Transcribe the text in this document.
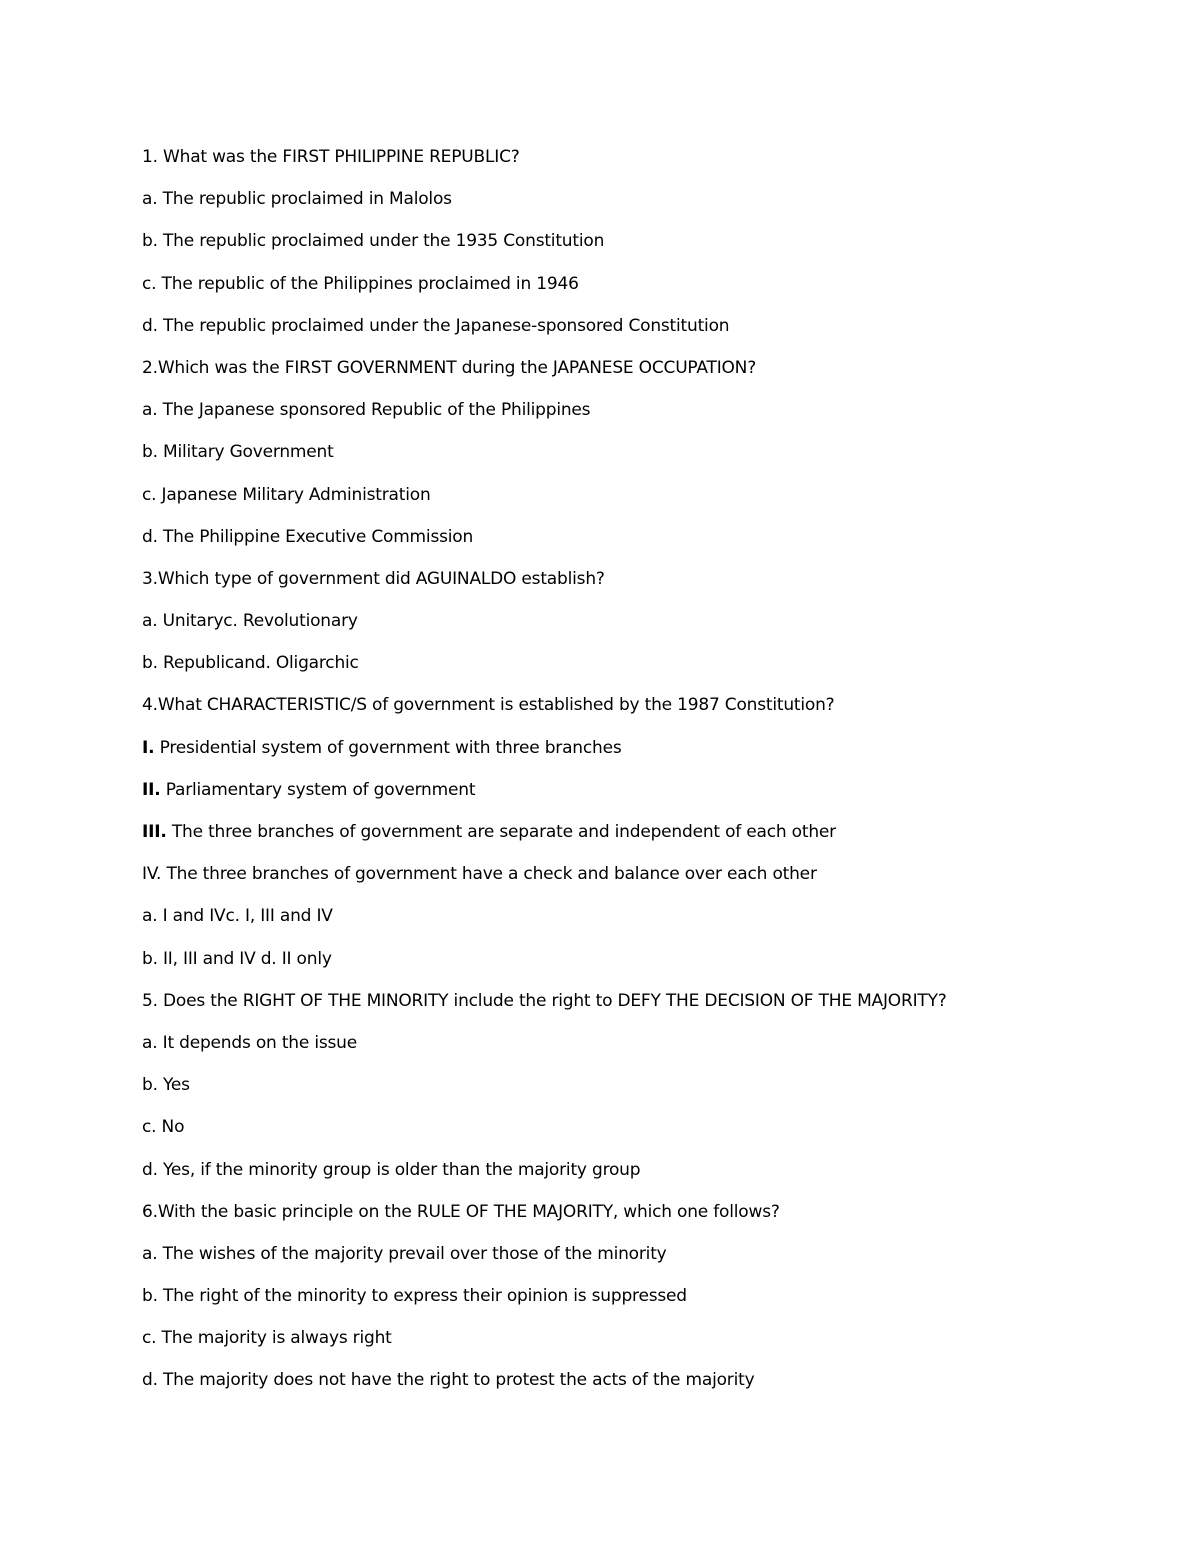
1. What was the FIRST PHILIPPINE REPUBLIC?
a. The republic proclaimed in Malolos
b. The republic proclaimed under the 1935 Constitution
c. The republic of the Philippines proclaimed in 1946
d. The republic proclaimed under the Japanese-sponsored Constitution
2.Which was the FIRST GOVERNMENT during the JAPANESE OCCUPATION?
a. The Japanese sponsored Republic of the Philippines
b. Military Government
c. Japanese Military Administration
d. The Philippine Executive Commission
3.Which type of government did AGUINALDO establish?
a. Unitaryc. Revolutionary
b. Republicand. Oligarchic
4.What CHARACTERISTIC/S of government is established by the 1987 Constitution?
I. Presidential system of government with three branches
II. Parliamentary system of government
III. The three branches of government are separate and independent of each other
IV. The three branches of government have a check and balance over each other
a. I and IVc. I, III and IV
b. II, III and IV d. II only
5. Does the RIGHT OF THE MINORITY include the right to DEFY THE DECISION OF THE MAJORITY?
a. It depends on the issue
b. Yes
c. No
d. Yes, if the minority group is older than the majority group
6.With the basic principle on the RULE OF THE MAJORITY, which one follows?
a. The wishes of the majority prevail over those of the minority
b. The right of the minority to express their opinion is suppressed
c. The majority is always right
d. The majority does not have the right to protest the acts of the majority
